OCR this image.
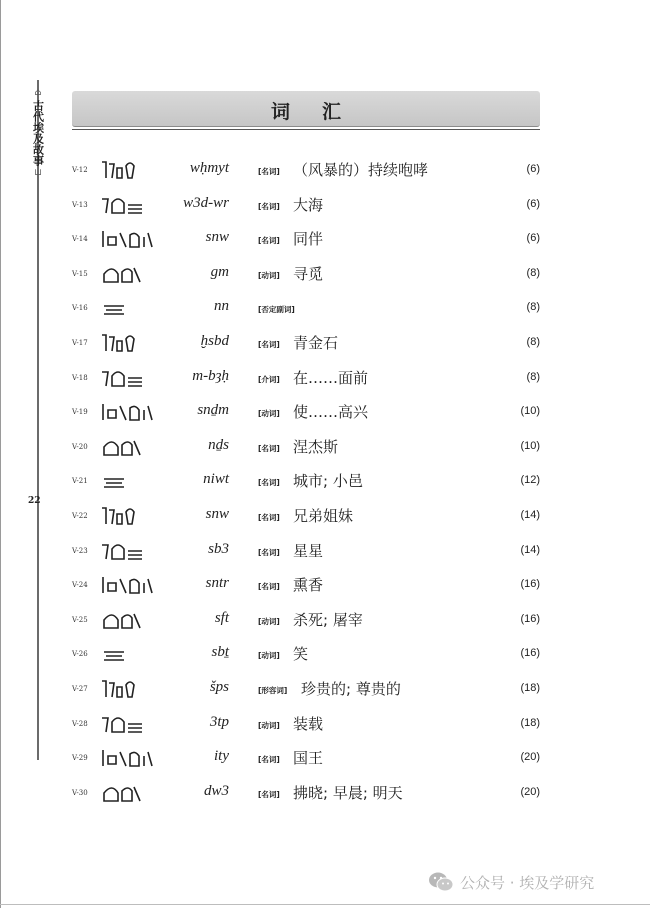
⌂
古代埃及故事
⊔
22
词汇
V-12	wḥmyt	[名词] （风暴的）持续咆哮	(6)
V-13	w3d-wr	[名词] 大海	(6)
V-14	snw	[名词] 同伴	(6)
V-15	gm	[动词] 寻觅	(8)
V-16	nn	[否定副词]	(8)
V-17	ḫsbd	[名词] 青金石	(8)
V-18	m-bȝḥ	[介词] 在……面前	(8)
V-19	snḏm	[动词] 使……高兴	(10)
V-20	nḏs	[名词] 涅杰斯	(10)
V-21	niwt	[名词] 城市; 小邑	(12)
V-22	snw	[名词] 兄弟姐妹	(14)
V-23	sb3	[名词] 星星	(14)
V-24	sntr	[名词] 熏香	(16)
V-25	sft	[动词] 杀死; 屠宰	(16)
V-26	sbṯ	[动词] 笑	(16)
V-27	šps	[形容词] 珍贵的; 尊贵的	(18)
V-28	3tp	[动词] 装载	(18)
V-29	ity	[名词] 国王	(20)
V-30	dw3	[名词] 拂晓; 早晨; 明天	(20)
公众号 · 埃及学研究
